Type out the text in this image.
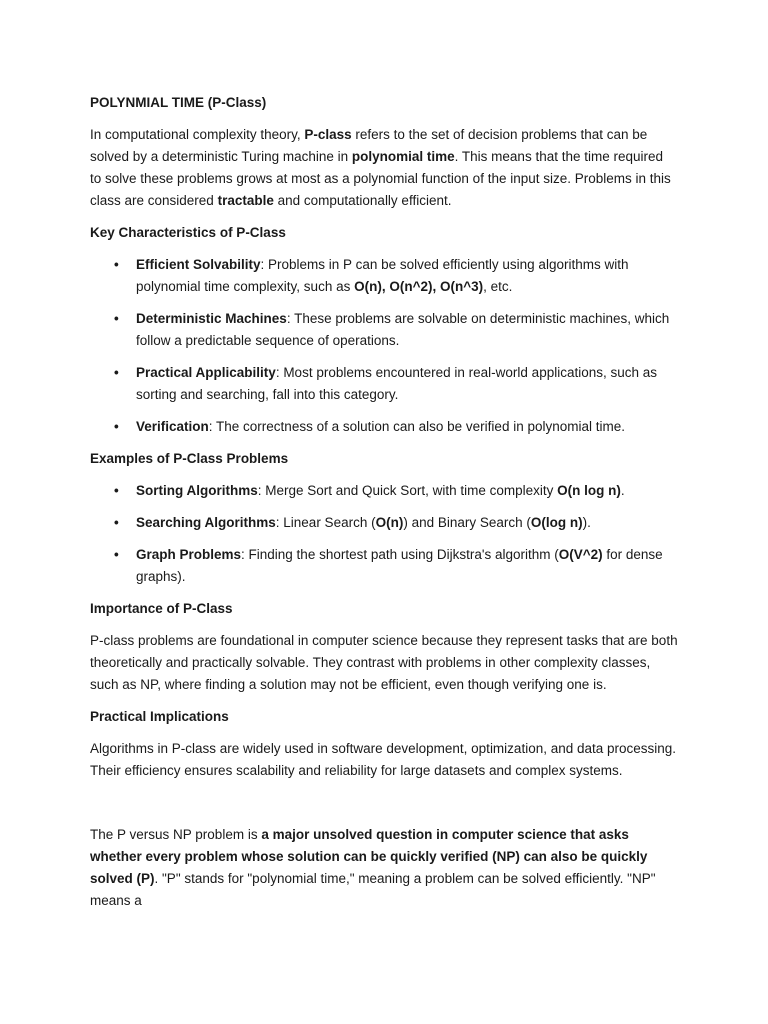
POLYNMIAL TIME (P-Class)

In computational complexity theory, P-class refers to the set of decision problems that can be solved by a deterministic Turing machine in polynomial time. This means that the time required to solve these problems grows at most as a polynomial function of the input size. Problems in this class are considered tractable and computationally efficient.

Key Characteristics of P-Class
• Efficient Solvability: Problems in P can be solved efficiently using algorithms with polynomial time complexity, such as O(n), O(n^2), O(n^3), etc.
• Deterministic Machines: These problems are solvable on deterministic machines, which follow a predictable sequence of operations.
• Practical Applicability: Most problems encountered in real-world applications, such as sorting and searching, fall into this category.
• Verification: The correctness of a solution can also be verified in polynomial time.
Examples of P-Class Problems
• Sorting Algorithms: Merge Sort and Quick Sort, with time complexity O(n log n).
• Searching Algorithms: Linear Search (O(n)) and Binary Search (O(log n)).
• Graph Problems: Finding the shortest path using Dijkstra's algorithm (O(V^2) for dense graphs).
Importance of P-Class

P-class problems are foundational in computer science because they represent tasks that are both theoretically and practically solvable. They contrast with problems in other complexity classes, such as NP, where finding a solution may not be efficient, even though verifying one is.

Practical Implications

Algorithms in P-class are widely used in software development, optimization, and data processing. Their efficiency ensures scalability and reliability for large datasets and complex systems.

The P versus NP problem is a major unsolved question in computer science that asks whether every problem whose solution can be quickly verified (NP) can also be quickly solved (P). "P" stands for "polynomial time," meaning a problem can be solved efficiently. "NP" means a
